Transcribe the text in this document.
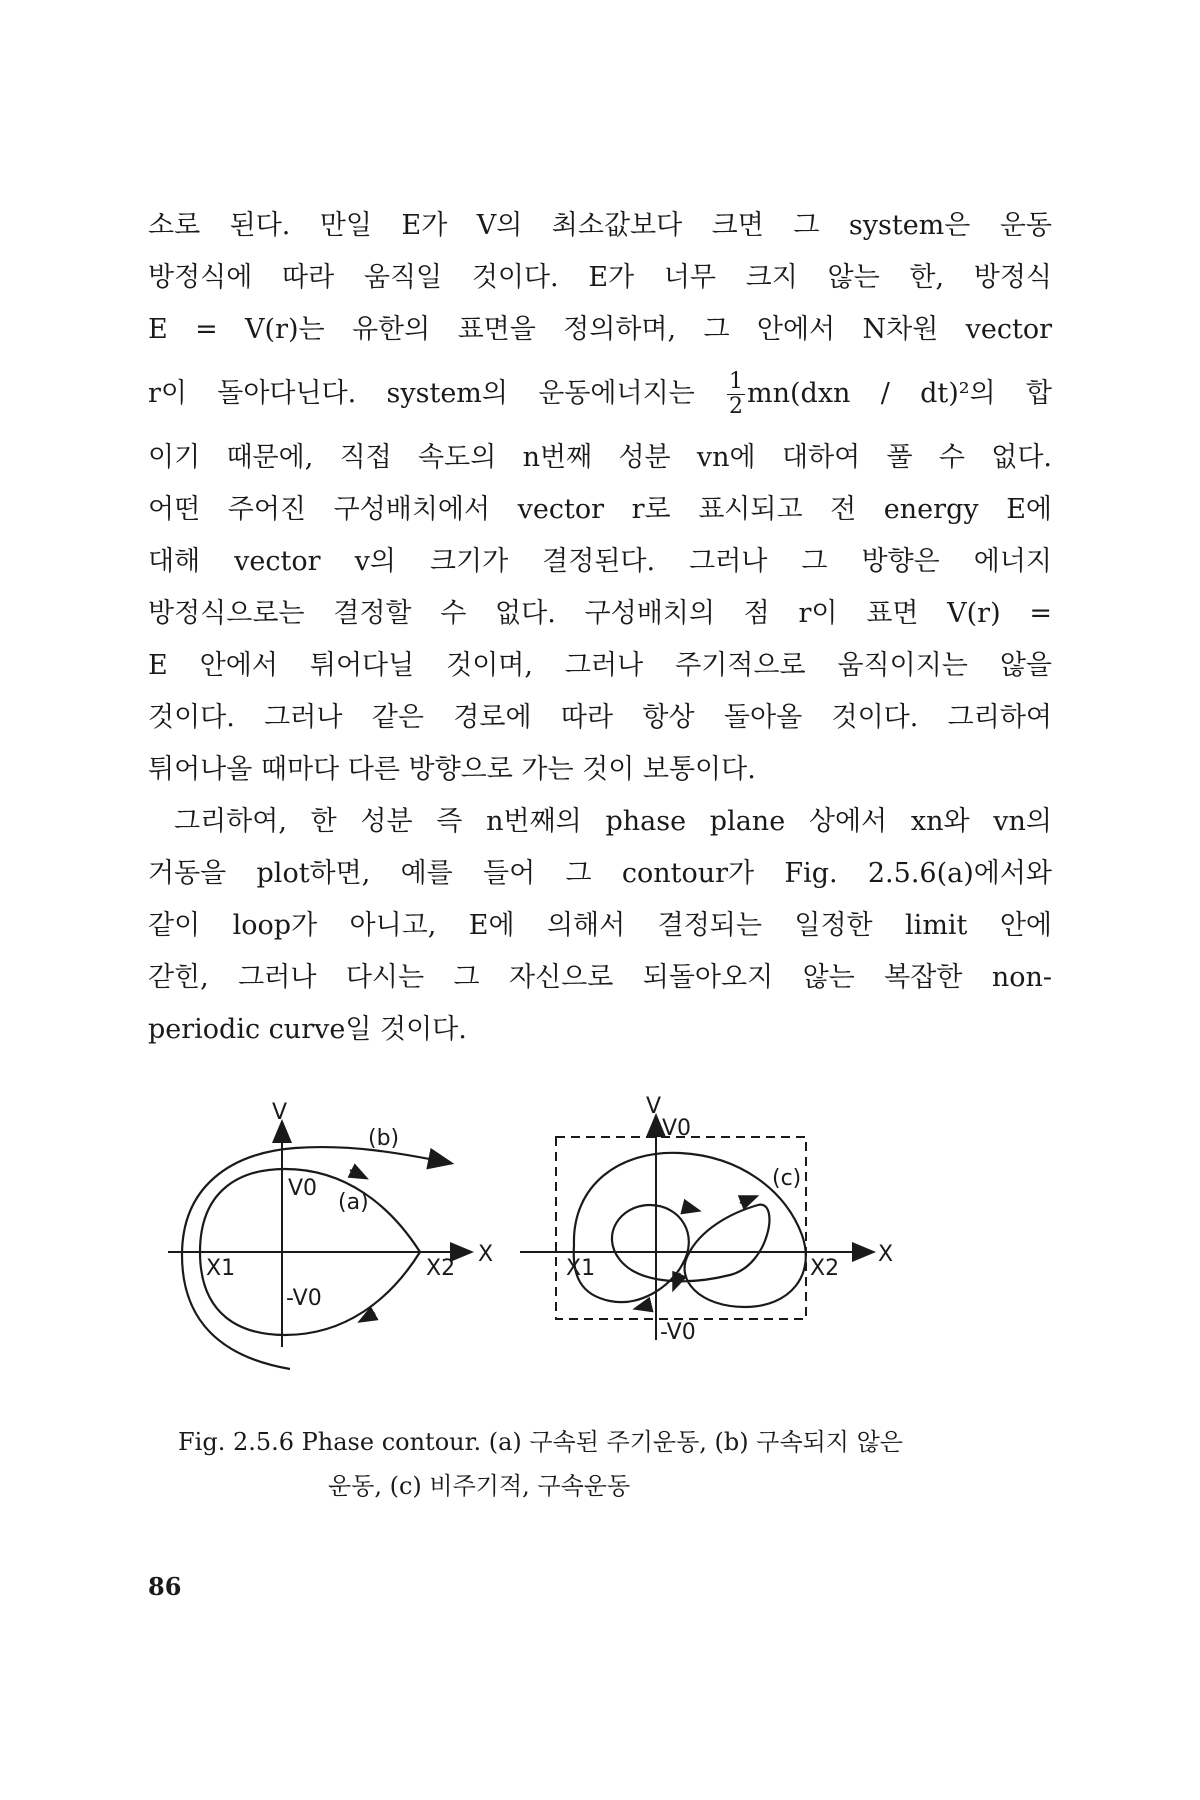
소로 된다. 만일 E가 V의 최소값보다 크면 그 system은 운동
방정식에 따라 움직일 것이다. E가 너무 크지 않는 한, 방정식
E = V(r)는 유한의 표면을 정의하며, 그 안에서 N차원 vector
r이 돌아다닌다. system의 운동에너지는 $\frac{1}{2} mn(dxn / dt)^2$의 합
이기 때문에, 직접 속도의 n번째 성분 vn에 대하여 풀 수 없다.
어떤 주어진 구성배치에서 vector r로 표시되고 전 energy E에
대해 vector v의 크기가 결정된다. 그러나 그 방향은 에너지
방정식으로는 결정할 수 없다. 구성배치의 점 r이 표면 V(r) =
E 안에서 튀어다닐 것이며, 그러나 주기적으로 움직이지는 않을
것이다. 그러나 같은 경로에 따라 항상 돌아올 것이다. 그리하여
튀어나올 때마다 다른 방향으로 가는 것이 보통이다.
그리하여, 한 성분 즉 n번째의 phase plane 상에서 xn와 vn의
거동을 plot하면, 예를 들어 그 contour가 Fig. 2.5.6(a)에서와
같이 loop가 아니고, E에 의해서 결정되는 일정한 limit 안에
갇힌, 그러나 다시는 그 자신으로 되돌아오지 않는 복잡한 non-
periodic curve일 것이다.
V
X
V0
-V0
X1	X2
(a)
(b)
V
X
V0
-V0
X1	X2
(c)
Fig. 2.5.6 Phase contour. (a) 구속된 주기운동, (b) 구속되지 않은
운동, (c) 비주기적, 구속운동
86
